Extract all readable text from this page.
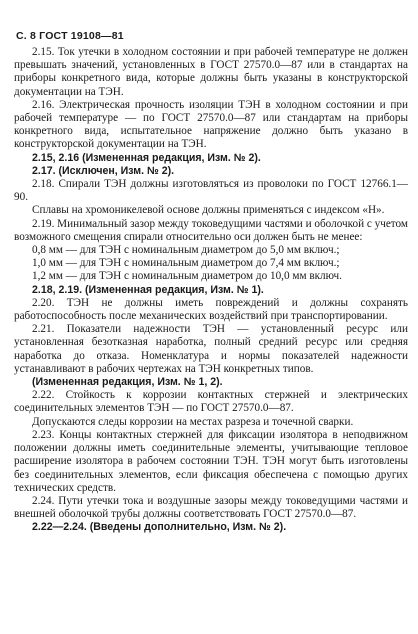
С. 8 ГОСТ 19108—81

2.15. Ток утечки в холодном состоянии и при рабочей температуре не должен превышать значений, установленных в ГОСТ 27570.0—87 или в стандартах на приборы конкретного вида, которые должны быть указаны в конструкторской документации на ТЭН.

2.16. Электрическая прочность изоляции ТЭН в холодном состоянии и при рабочей температуре — по ГОСТ 27570.0—87 или стандартам на приборы конкретного вида, испытательное напряжение должно быть указано в конструкторской документации на ТЭН.

2.15, 2.16 (Измененная редакция, Изм. № 2).

2.17. (Исключен, Изм. № 2).

2.18. Спирали ТЭН должны изготовляться из проволоки по ГОСТ 12766.1—90.

Сплавы на хромоникелевой основе должны применяться с индексом «Н».

2.19. Минимальный зазор между токоведущими частями и оболочкой с учетом возможного смещения спирали относительно оси должен быть не менее:

0,8 мм — для ТЭН с номинальным диаметром до 5,0 мм включ.;

1,0 мм — для ТЭН с номинальным диаметром до 7,4 мм включ.;

1,2 мм — для ТЭН с номинальным диаметром до 10,0 мм включ.

2.18, 2.19. (Измененная редакция, Изм. № 1).

2.20. ТЭН не должны иметь повреждений и должны сохранять работоспособность после механических воздействий при транспортировании.

2.21. Показатели надежности ТЭН — установленный ресурс или установленная безотказная наработка, полный средний ресурс или средняя наработка до отказа. Номенклатура и нормы показателей надежности устанавливают в рабочих чертежах на ТЭН конкретных типов.

(Измененная редакция, Изм. № 1, 2).

2.22. Стойкость к коррозии контактных стержней и электрических соединительных элементов ТЭН — по ГОСТ 27570.0—87.

Допускаются следы коррозии на местах разреза и точечной сварки.

2.23. Концы контактных стержней для фиксации изолятора в неподвижном положении должны иметь соединительные элементы, учитывающие тепловое расширение изолятора в рабочем состоянии ТЭН. ТЭН могут быть изготовлены без соединительных элементов, если фиксация обеспечена с помощью других технических средств.

2.24. Пути утечки тока и воздушные зазоры между токоведущими частями и внешней оболочкой трубы должны соответствовать ГОСТ 27570.0—87.

2.22—2.24. (Введены дополнительно, Изм. № 2).
